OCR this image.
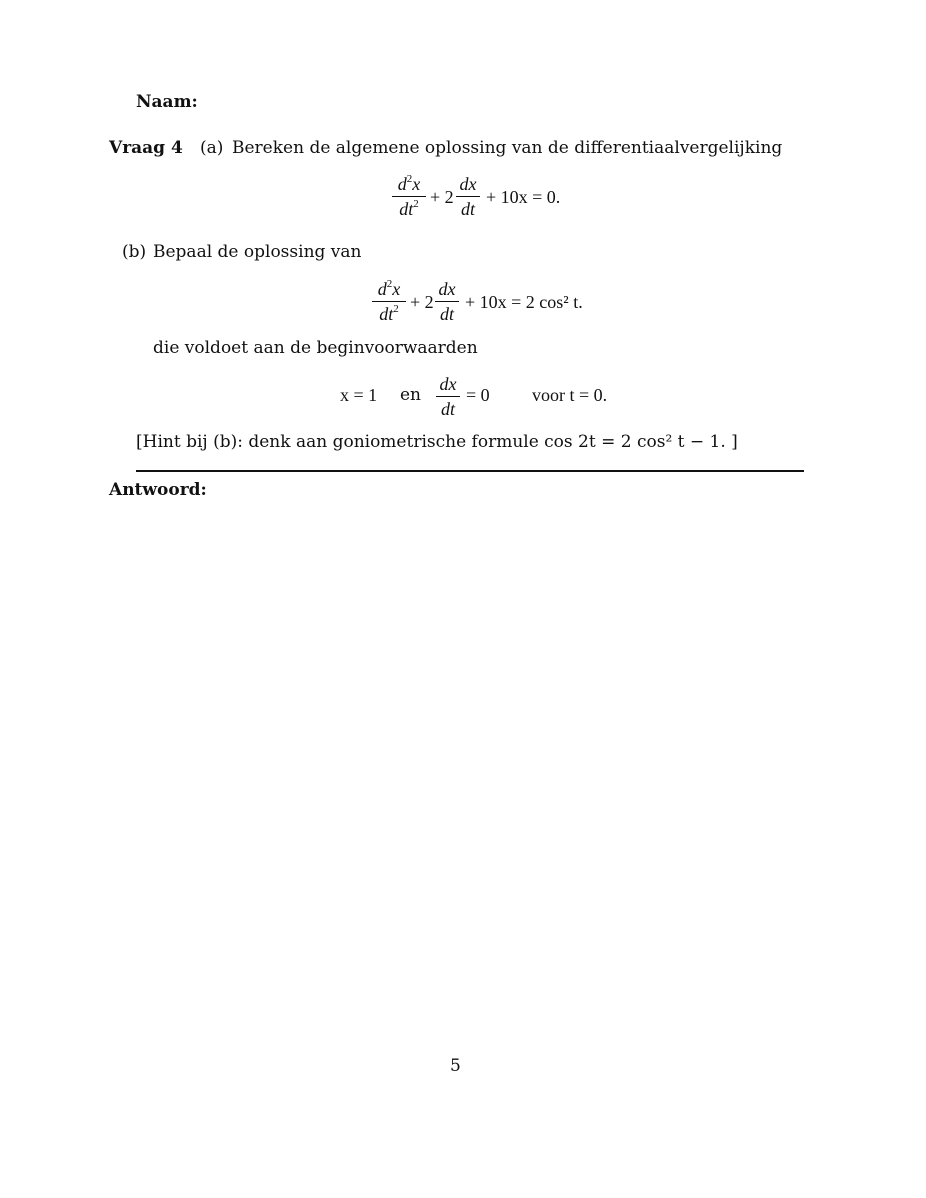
Naam:
Vraag 4 (a) Bereken de algemene oplossing van de differentiaalvergelijking
$d^2x$
$dt^2 + 2$
dx
dt
+ 10x = 0.
(b) Bepaal de oplossing van
$d^2x$
$dt^2 + 2$
dx
dt
+ 10x = 2 cos² t.
die voldoet aan de beginvoorwaarden
x = 1 en
dx
dt
= 0 voor t = 0.
[Hint bij (b): denk aan goniometrische formule cos 2t = 2 cos² t − 1. ]
Antwoord:
5
